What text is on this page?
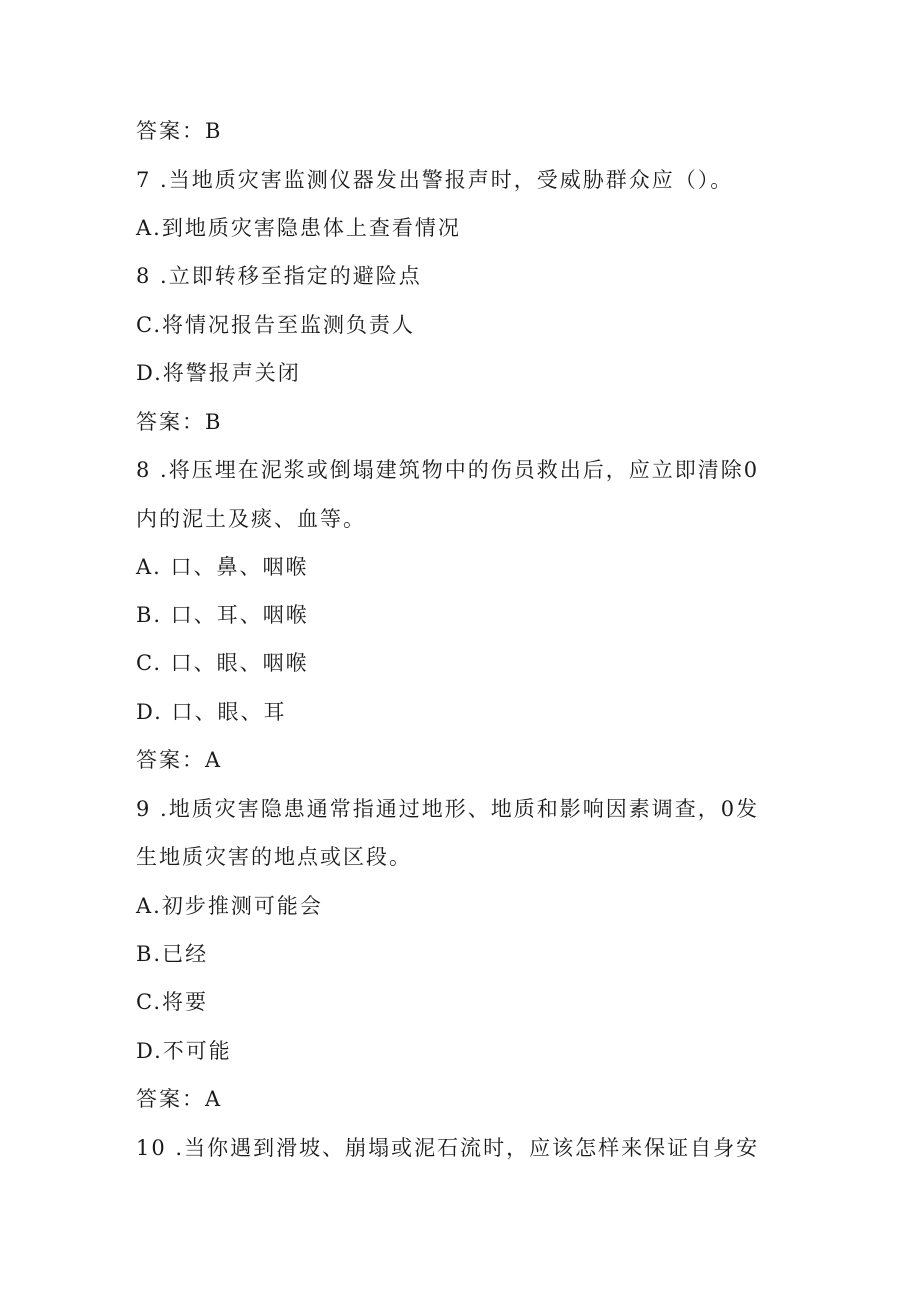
答案：B
7 .当地质灾害监测仪器发出警报声时，受威胁群众应（）。
A.到地质灾害隐患体上查看情况
8 .立即转移至指定的避险点
C.将情况报告至监测负责人
D.将警报声关闭
答案：B
8 .将压埋在泥浆或倒塌建筑物中的伤员救出后，应立即清除0
内的泥土及痰、血等。
A. 口、鼻、咽喉
B. 口、耳、咽喉
C. 口、眼、咽喉
D. 口、眼、耳
答案：A
9 .地质灾害隐患通常指通过地形、地质和影响因素调查，0发
生地质灾害的地点或区段。
A.初步推测可能会
B.已经
C.将要
D.不可能
答案：A
10 .当你遇到滑坡、崩塌或泥石流时，应该怎样来保证自身安
